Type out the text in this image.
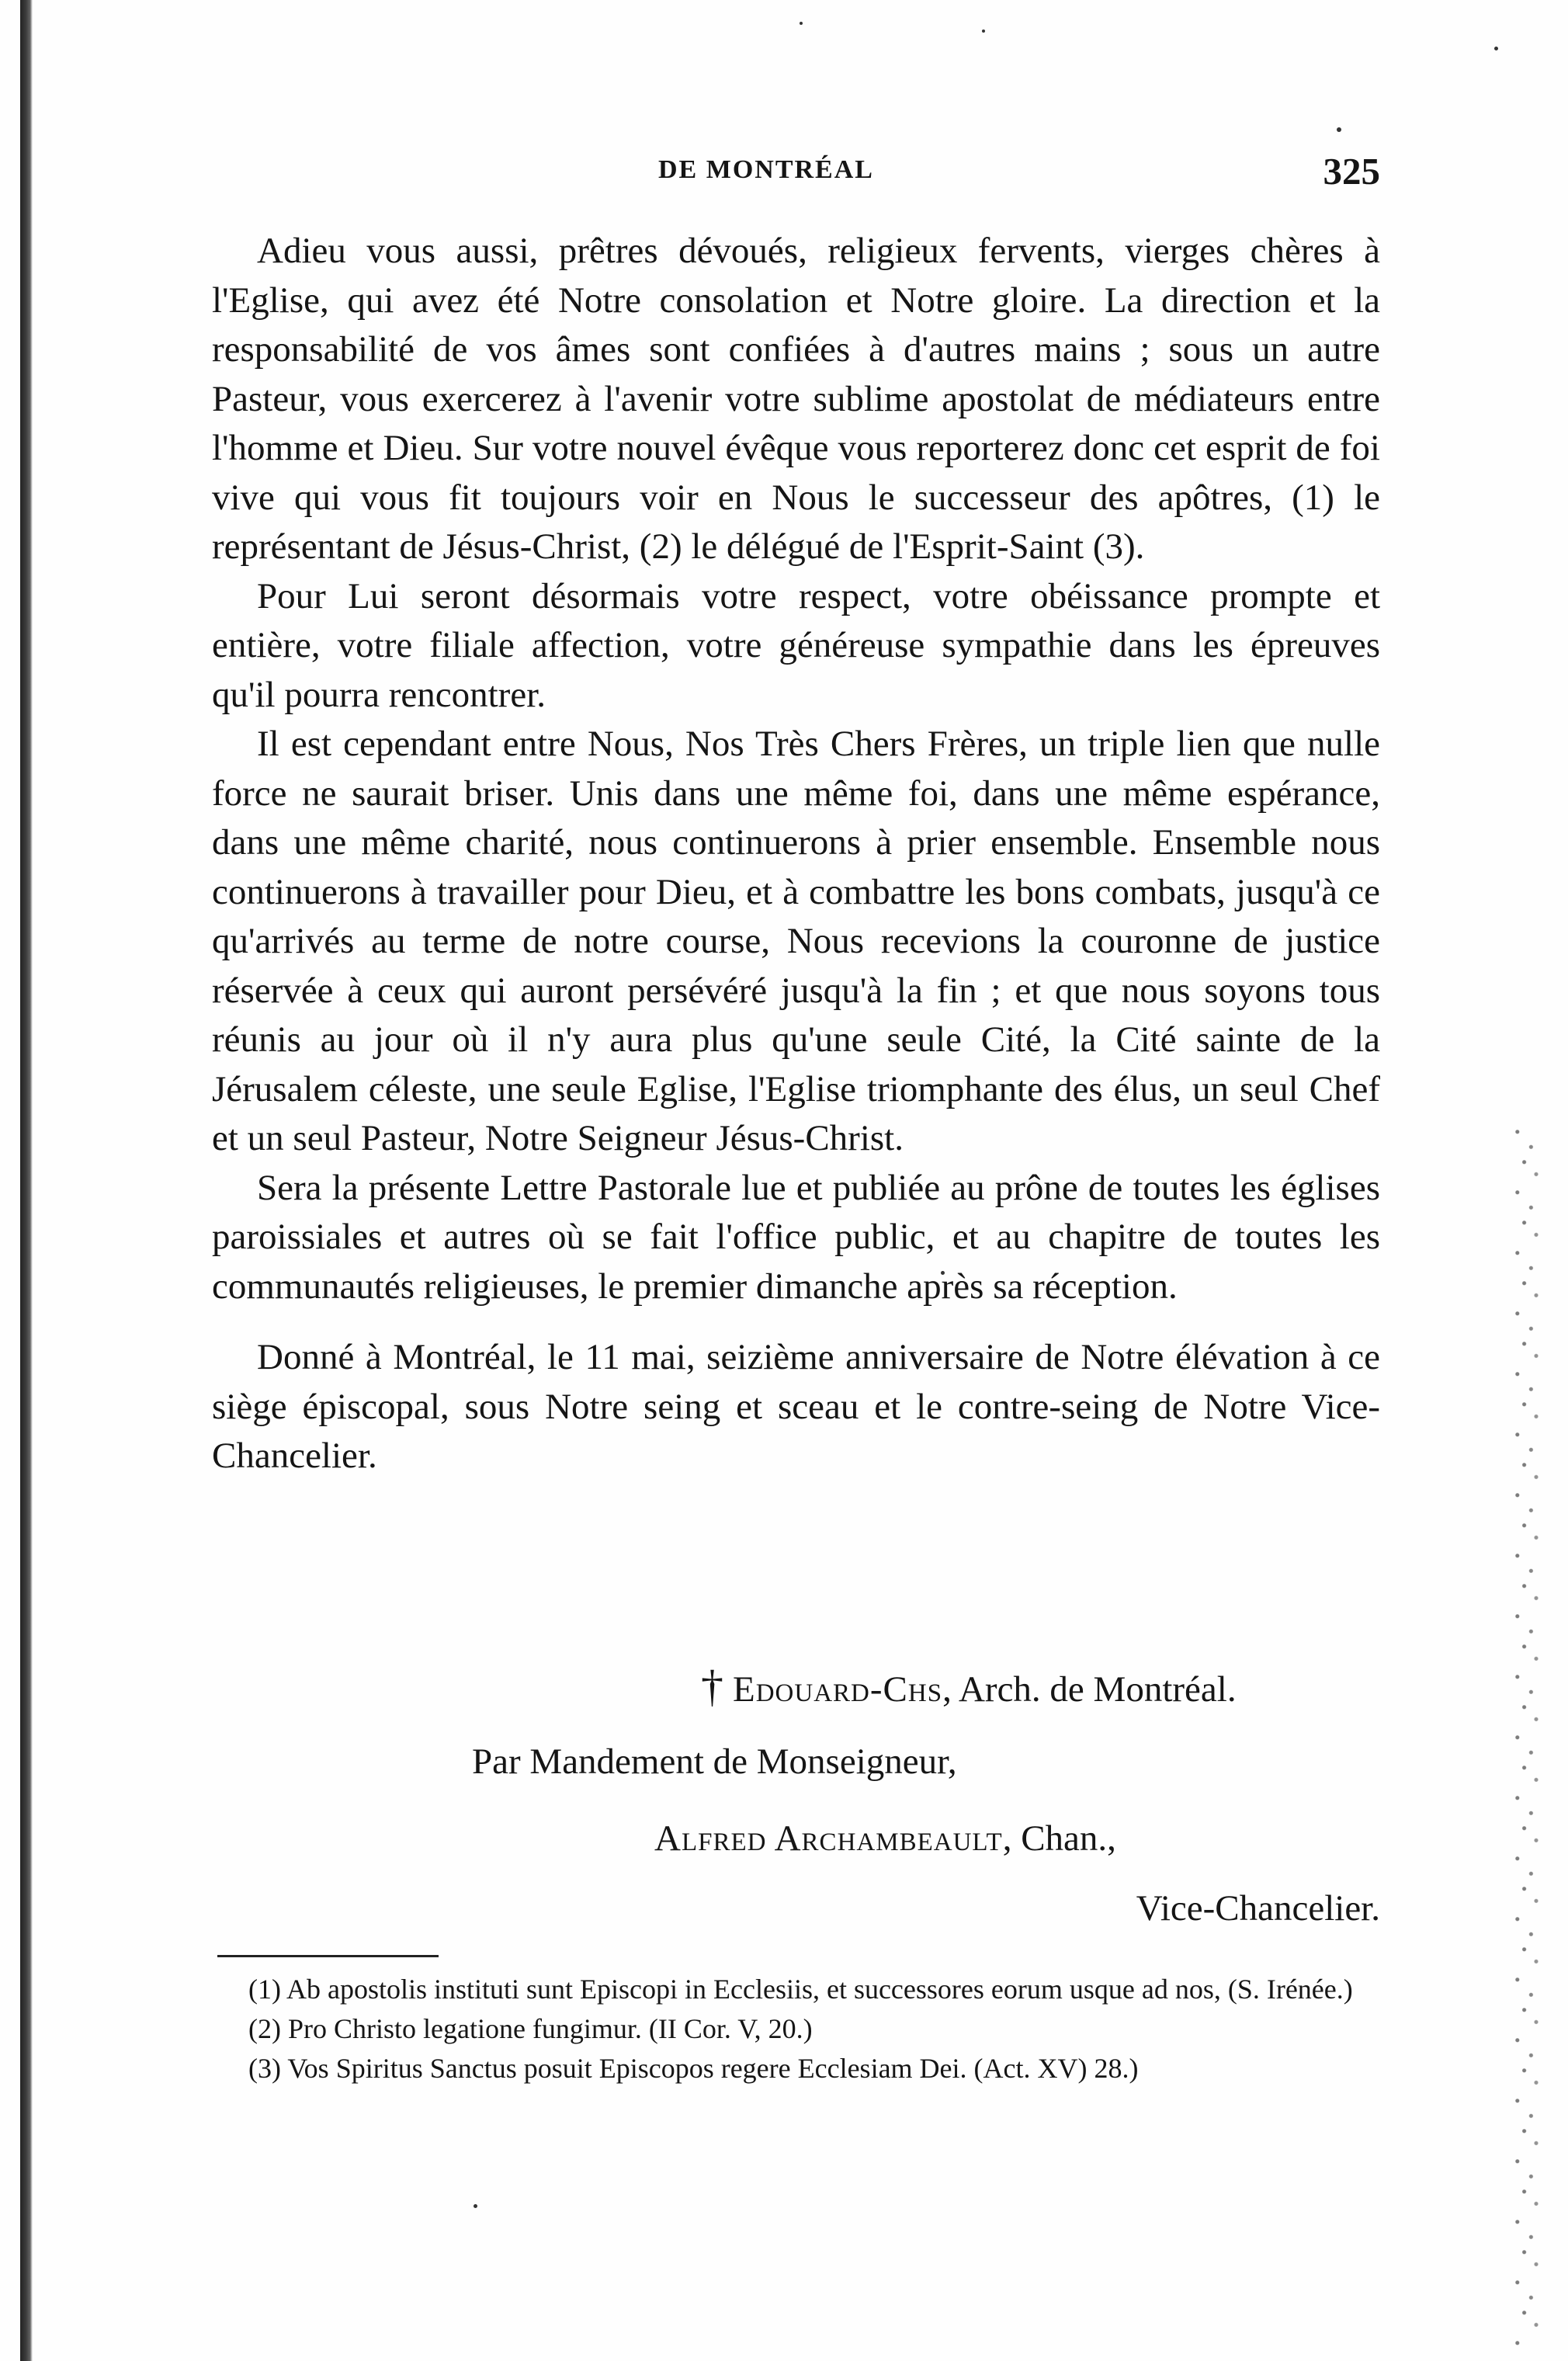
DE MONTRÉAL	325

Adieu vous aussi, prêtres dévoués, religieux fervents, vierges chères à l'Eglise, qui avez été Notre consolation et Notre gloire. La direction et la responsabilité de vos âmes sont confiées à d'autres mains ; sous un autre Pasteur, vous exercerez à l'avenir votre sublime apostolat de médiateurs entre l'homme et Dieu. Sur votre nouvel évêque vous reporterez donc cet esprit de foi vive qui vous fit toujours voir en Nous le successeur des apôtres, (1) le représentant de Jésus-Christ, (2) le délégué de l'Esprit-Saint (3).

Pour Lui seront désormais votre respect, votre obéissance prompte et entière, votre filiale affection, votre généreuse sympathie dans les épreuves qu'il pourra rencontrer.

Il est cependant entre Nous, Nos Très Chers Frères, un triple lien que nulle force ne saurait briser. Unis dans une même foi, dans une même espérance, dans une même charité, nous continuerons à prier ensemble. Ensemble nous continuerons à travailler pour Dieu, et à combattre les bons combats, jusqu'à ce qu'arrivés au terme de notre course, Nous recevions la couronne de justice réservée à ceux qui auront persévéré jusqu'à la fin ; et que nous soyons tous réunis au jour où il n'y aura plus qu'une seule Cité, la Cité sainte de la Jérusalem céleste, une seule Eglise, l'Eglise triomphante des élus, un seul Chef et un seul Pasteur, Notre Seigneur Jésus-Christ.

Sera la présente Lettre Pastorale lue et publiée au prône de toutes les églises paroissiales et autres où se fait l'office public, et au chapitre de toutes les communautés religieuses, le premier dimanche après sa réception.

Donné à Montréal, le 11 mai, seizième anniversaire de Notre élévation à ce siège épiscopal, sous Notre seing et sceau et le contre-seing de Notre Vice-Chancelier.

† Edouard-Chs, Arch. de Montréal.
Par Mandement de Monseigneur,
Alfred Archambeault, Chan.,
Vice-Chancelier.

(1) Ab apostolis instituti sunt Episcopi in Ecclesiis, et successores eorum usque ad nos, (S. Irénée.)

(2) Pro Christo legatione fungimur. (II Cor. V, 20.)

(3) Vos Spiritus Sanctus posuit Episcopos regere Ecclesiam Dei. (Act. XV) 28.)
